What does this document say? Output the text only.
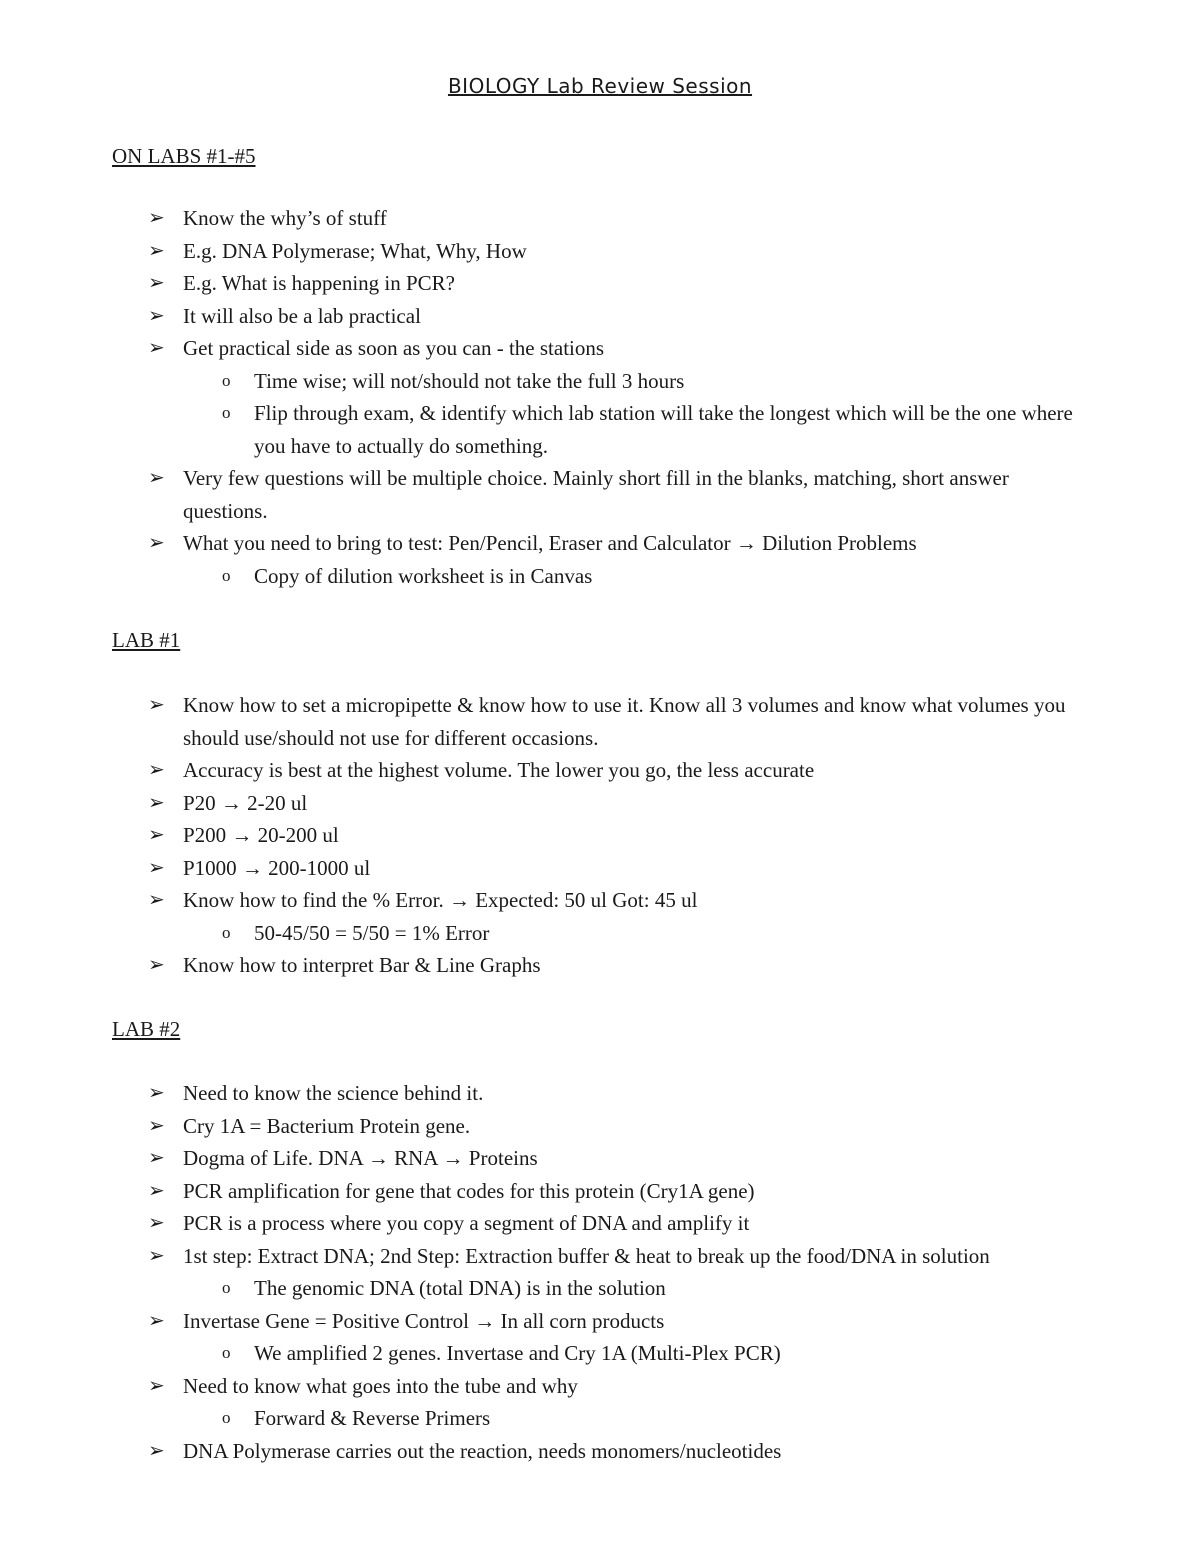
BIOLOGY Lab Review Session
ON LABS #1-#5
➢ Know the why’s of stuff
➢ E.g. DNA Polymerase; What, Why, How
➢ E.g. What is happening in PCR?
➢ It will also be a lab practical
➢ Get practical side as soon as you can - the stations
o Time wise; will not/should not take the full 3 hours
o Flip through exam, & identify which lab station will take the longest which will be the one where you have to actually do something.
➢ Very few questions will be multiple choice. Mainly short fill in the blanks, matching, short answer questions.
➢ What you need to bring to test: Pen/Pencil, Eraser and Calculator → Dilution Problems
o Copy of dilution worksheet is in Canvas
LAB #1
➢ Know how to set a micropipette & know how to use it. Know all 3 volumes and know what volumes you should use/should not use for different occasions.
➢ Accuracy is best at the highest volume. The lower you go, the less accurate
➢ P20 → 2-20 ul
➢ P200 → 20-200 ul
➢ P1000 → 200-1000 ul
➢ Know how to find the % Error. → Expected: 50 ul Got: 45 ul
o 50-45/50 = 5/50 = 1% Error
➢ Know how to interpret Bar & Line Graphs
LAB #2
➢ Need to know the science behind it.
➢ Cry 1A = Bacterium Protein gene.
➢ Dogma of Life. DNA → RNA → Proteins
➢ PCR amplification for gene that codes for this protein (Cry1A gene)
➢ PCR is a process where you copy a segment of DNA and amplify it
➢ 1st step: Extract DNA; 2nd Step: Extraction buffer & heat to break up the food/DNA in solution
o The genomic DNA (total DNA) is in the solution
➢ Invertase Gene = Positive Control → In all corn products
o We amplified 2 genes. Invertase and Cry 1A (Multi-Plex PCR)
➢ Need to know what goes into the tube and why
o Forward & Reverse Primers
➢ DNA Polymerase carries out the reaction, needs monomers/nucleotides
